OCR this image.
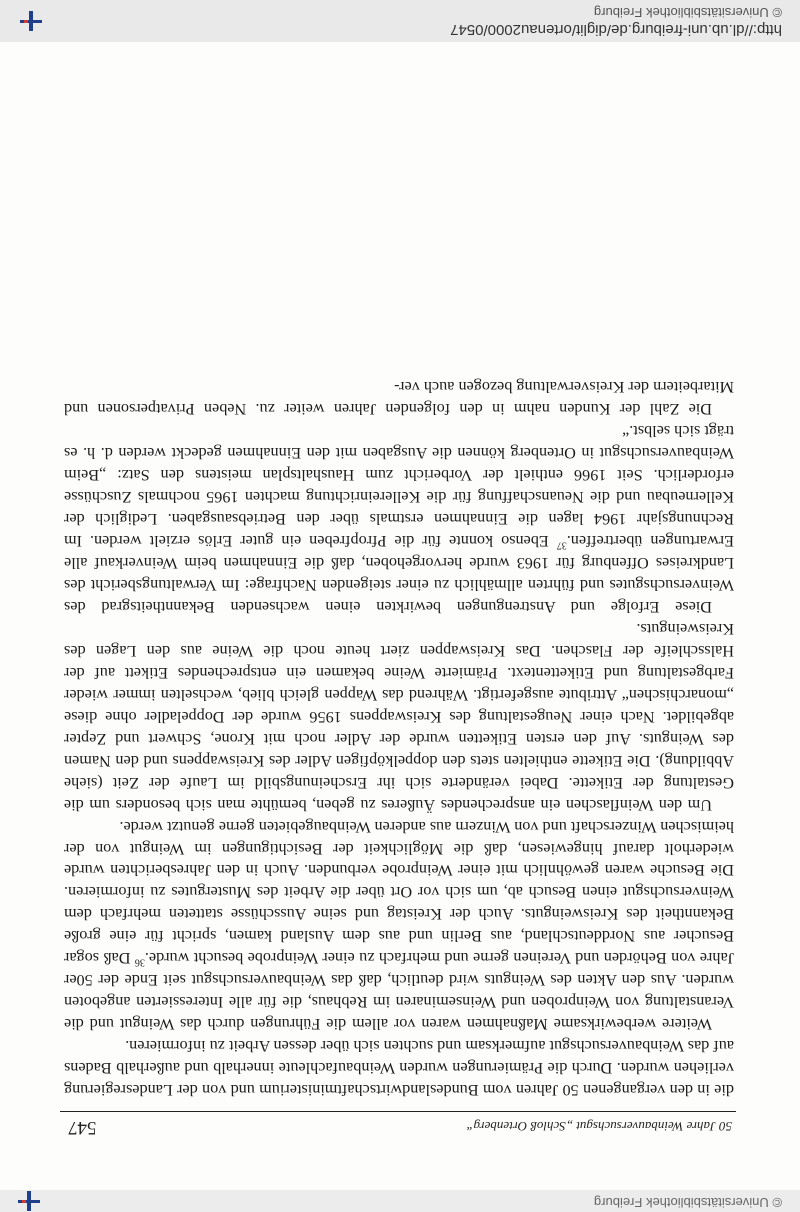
© Universitätsbibliothek Freiburg
50 Jahre Weinbauversuchsgut „Schloß Ortenberg“
547

die in den vergangenen 50 Jahren vom Bundeslandwirtschaftministerium und von der Landesregierung verliehen wurden. Durch die Prämierungen wurden Weinbaufachleute innerhalb und außerhalb Badens auf das Weinbauversuchsgut aufmerksam und suchten sich über dessen Arbeit zu informieren.

Weitere werbewirksame Maßnahmen waren vor allem die Führungen durch das Weingut und die Veranstaltung von Weinproben und Weinseminaren im Rebhaus, die für alle Interessierten angeboten wurden. Aus den Akten des Weinguts wird deutlich, daß das Weinbauversuchsgut seit Ende der 50er Jahre von Behörden und Vereinen gerne und mehrfach zu einer Weinprobe besucht wurde.$^{36}$ Daß sogar Besucher aus Norddeutschland, aus Berlin und aus dem Ausland kamen, spricht für eine große Bekanntheit des Kreisweinguts. Auch der Kreistag und seine Ausschüsse statteten mehrfach dem Weinversuchsgut einen Besuch ab, um sich vor Ort über die Arbeit des Mustergutes zu informieren. Die Besuche waren gewöhnlich mit einer Weinprobe verbunden. Auch in den Jahresberichten wurde wiederholt darauf hingewiesen, daß die Möglichkeit der Besichtigungen im Weingut von der heimischen Winzerschaft und von Winzern aus anderen Weinbaugebieten gerne genutzt werde.

Um den Weinflaschen ein ansprechendes Äußeres zu geben, bemühte man sich besonders um die Gestaltung der Etikette. Dabei veränderte sich ihr Erscheinungsbild im Laufe der Zeit (siehe Abbildung). Die Etikette enthielten stets den doppelköpfigen Adler des Kreiswappens und den Namen des Weinguts. Auf den ersten Etiketten wurde der Adler noch mit Krone, Schwert und Zepter abgebildet. Nach einer Neugestaltung des Kreiswappens 1956 wurde der Doppeladler ohne diese „monarchischen“ Attribute ausgefertigt. Während das Wappen gleich blieb, wechselten immer wieder Farbgestaltung und Etikettentext. Prämierte Weine bekamen ein entsprechendes Etikett auf der Halsschleife der Flaschen. Das Kreiswappen ziert heute noch die Weine aus den Lagen des Kreisweinguts.

Diese Erfolge und Anstrengungen bewirkten einen wachsenden Bekanntheitsgrad des Weinversuchsgutes und führten allmählich zu einer steigenden Nachfrage: Im Verwaltungsbericht des Landkreises Offenburg für 1963 wurde hervorgehoben, daß die Einnahmen beim Weinverkauf alle Erwartungen übertreffen.$^{37}$ Ebenso konnte für die Pfropfreben ein guter Erlös erzielt werden. Im Rechnungsjahr 1964 lagen die Einnahmen erstmals über den Betriebsausgaben. Lediglich der Kellerneubau und die Neuanschaffung für die Kellereinrichtung machten 1965 nochmals Zuschüsse erforderlich. Seit 1966 enthielt der Vorbericht zum Haushaltsplan meistens den Satz: „Beim Weinbauversuchsgut in Ortenberg können die Ausgaben mit den Einnahmen gedeckt werden d. h. es trägt sich selbst.“

Die Zahl der Kunden nahm in den folgenden Jahren weiter zu. Neben Privatpersonen und Mitarbeitern der Kreisverwaltung bezogen auch ver-

http://dl.ub.uni-freiburg.de/diglit/ortenau2000/0547
© Universitätsbibliothek Freiburg
